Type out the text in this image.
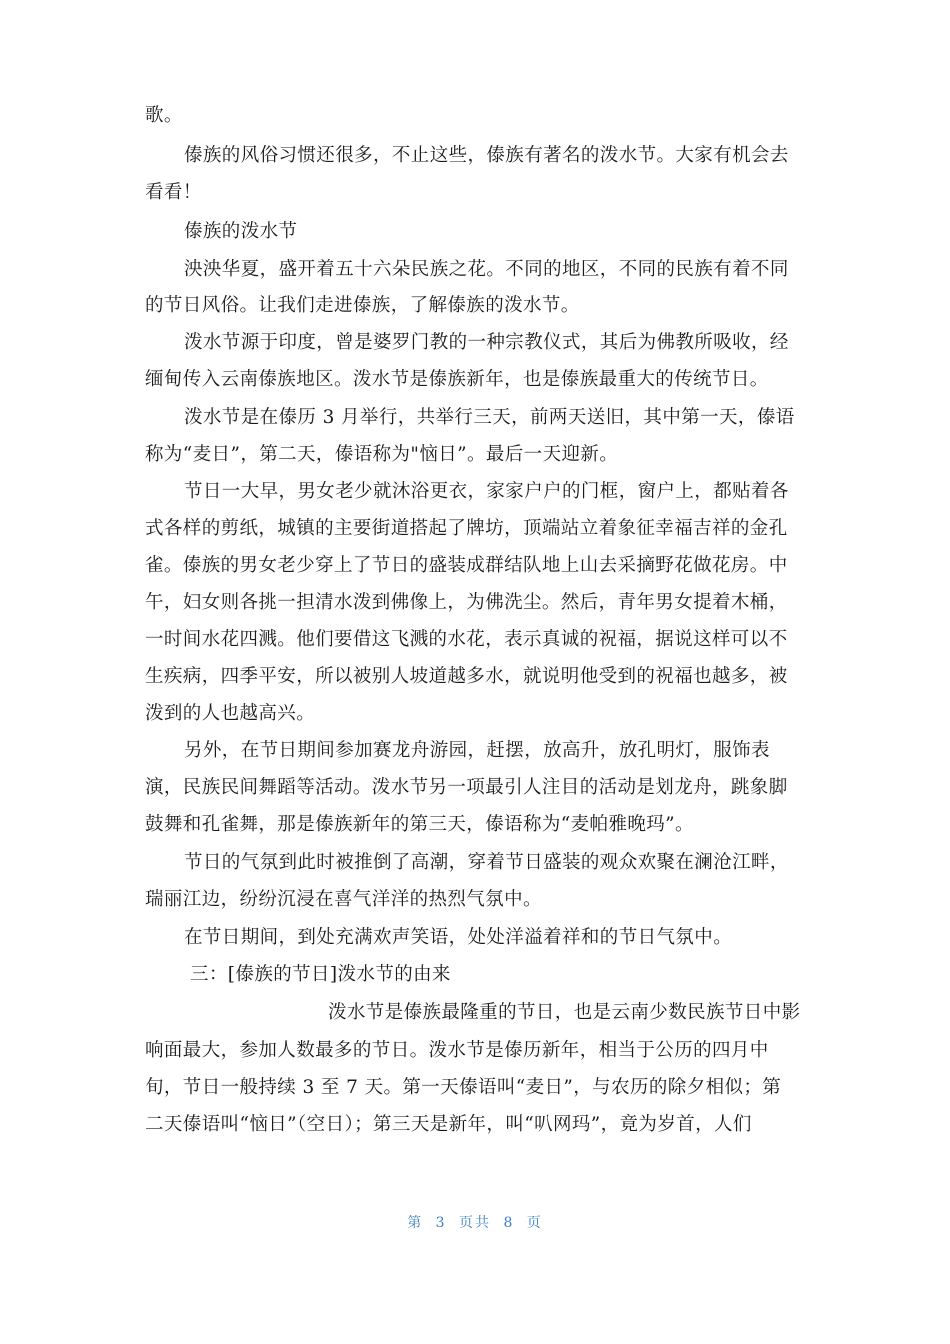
歌。
傣族的风俗习惯还很多，不止这些，傣族有著名的泼水节。大家有机会去
看看！
傣族的泼水节
泱泱华夏，盛开着五十六朵民族之花。不同的地区，不同的民族有着不同
的节日风俗。让我们走进傣族，了解傣族的泼水节。
泼水节源于印度，曾是婆罗门教的一种宗教仪式，其后为佛教所吸收，经
缅甸传入云南傣族地区。泼水节是傣族新年，也是傣族最重大的传统节日。
泼水节是在傣历 3 月举行，共举行三天，前两天送旧，其中第一天，傣语
称为“麦日”，第二天，傣语称为"恼日”。最后一天迎新。
节日一大早，男女老少就沐浴更衣，家家户户的门框，窗户上，都贴着各
式各样的剪纸，城镇的主要街道搭起了牌坊，顶端站立着象征幸福吉祥的金孔
雀。傣族的男女老少穿上了节日的盛装成群结队地上山去采摘野花做花房。中
午，妇女则各挑一担清水泼到佛像上，为佛洗尘。然后，青年男女提着木桶，
一时间水花四溅。他们要借这飞溅的水花，表示真诚的祝福，据说这样可以不
生疾病，四季平安，所以被别人坡道越多水，就说明他受到的祝福也越多，被
泼到的人也越高兴。
另外，在节日期间参加赛龙舟游园，赶摆，放高升，放孔明灯，服饰表
演，民族民间舞蹈等活动。泼水节另一项最引人注目的活动是划龙舟，跳象脚
鼓舞和孔雀舞，那是傣族新年的第三天，傣语称为“麦帕雅晚玛”。
节日的气氛到此时被推倒了高潮，穿着节日盛装的观众欢聚在澜沧江畔，
瑞丽江边，纷纷沉浸在喜气洋洋的热烈气氛中。
在节日期间，到处充满欢声笑语，处处洋溢着祥和的节日气氛中。
三：[傣族的节日]泼水节的由来
泼水节是傣族最隆重的节日，也是云南少数民族节日中影
响面最大，参加人数最多的节日。泼水节是傣历新年，相当于公历的四月中
旬，节日一般持续 3 至 7 天。第一天傣语叫“麦日”，与农历的除夕相似；第
二天傣语叫“恼日”（空日）；第三天是新年，叫“叭网玛”，竟为岁首，人们
第 3 页共 8 页
